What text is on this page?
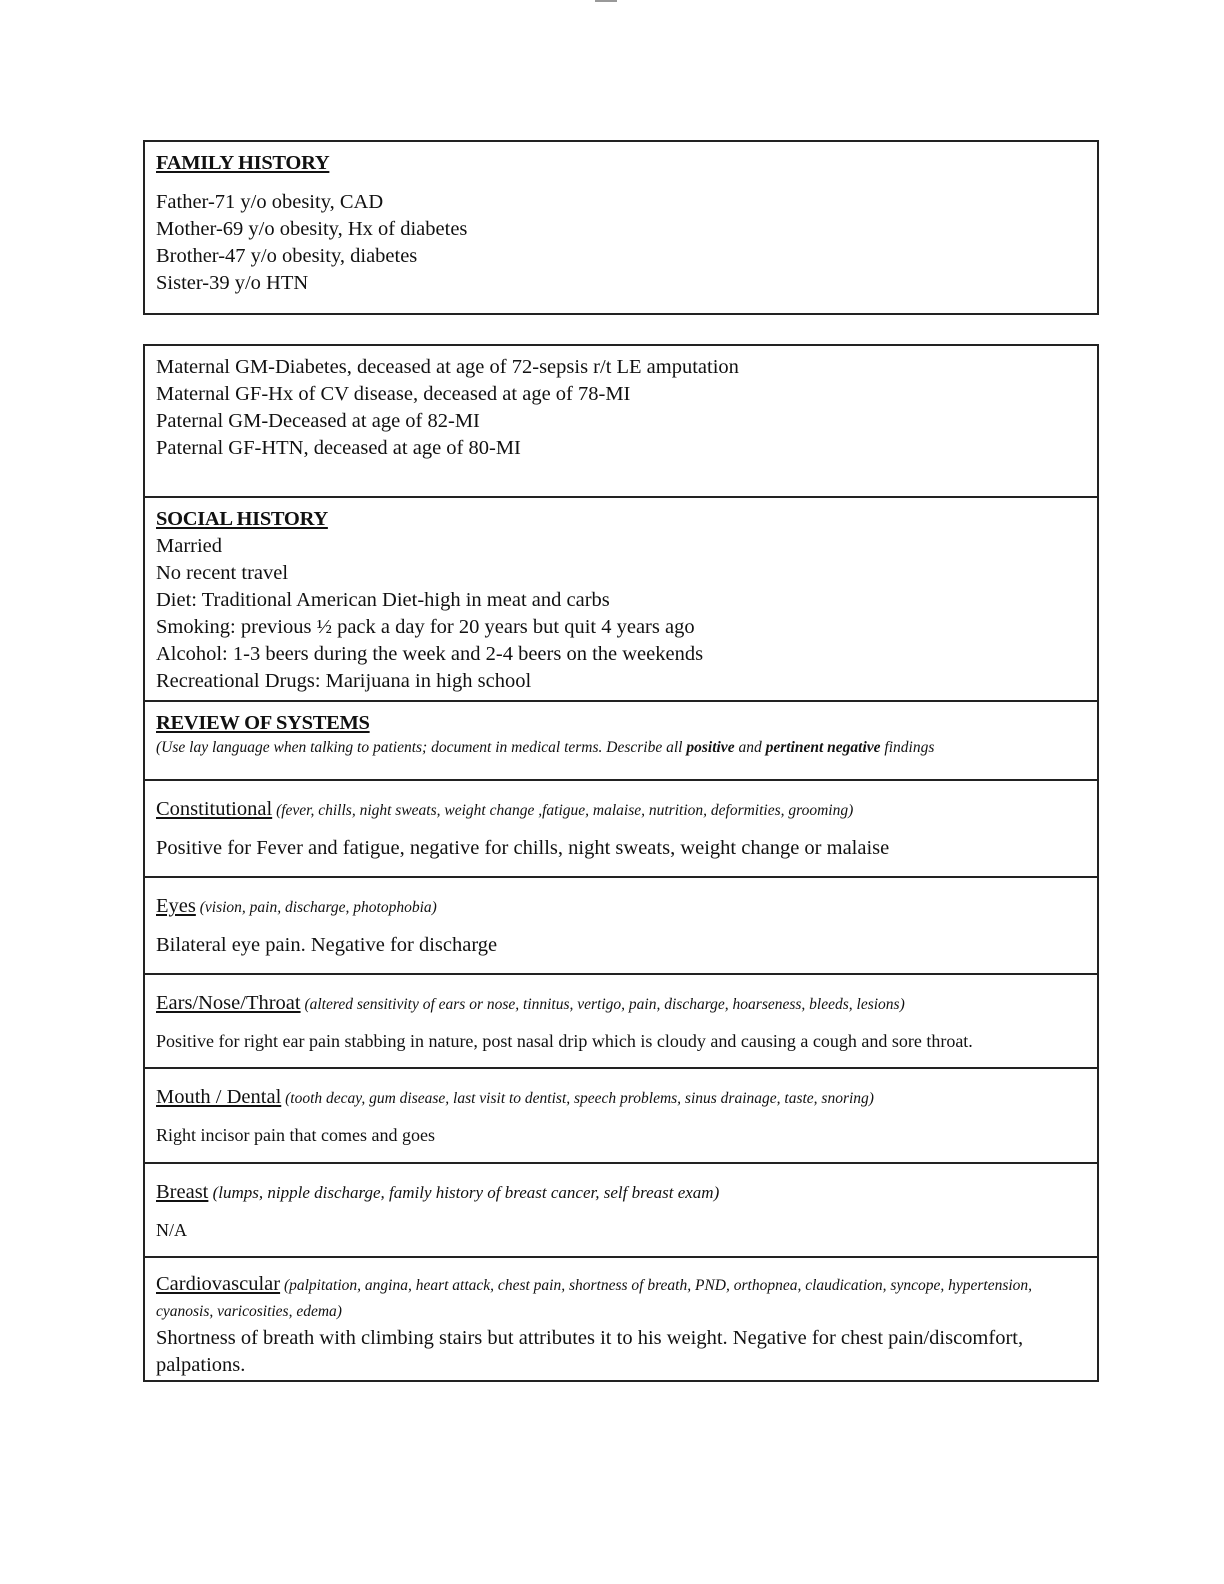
FAMILY HISTORY
Father-71 y/o obesity, CAD
Mother-69 y/o obesity, Hx of diabetes
Brother-47 y/o obesity, diabetes
Sister-39 y/o HTN
Maternal GM-Diabetes, deceased at age of 72-sepsis r/t LE amputation
Maternal GF-Hx of CV disease, deceased at age of 78-MI
Paternal GM-Deceased at age of 82-MI
Paternal GF-HTN, deceased at age of 80-MI
SOCIAL HISTORY
Married
No recent travel
Diet: Traditional American Diet-high in meat and carbs
Smoking: previous ½ pack a day for 20 years but quit 4 years ago
Alcohol: 1-3 beers during the week and 2-4 beers on the weekends
Recreational Drugs: Marijuana in high school
REVIEW OF SYSTEMS
(Use lay language when talking to patients; document in medical terms. Describe all positive and pertinent negative findings
Constitutional (fever, chills, night sweats, weight change ,fatigue, malaise, nutrition, deformities, grooming)
Positive for Fever and fatigue, negative for chills, night sweats, weight change or malaise
Eyes (vision, pain, discharge, photophobia)
Bilateral eye pain. Negative for discharge
Ears/Nose/Throat (altered sensitivity of ears or nose, tinnitus, vertigo, pain, discharge, hoarseness, bleeds, lesions)
Positive for right ear pain stabbing in nature, post nasal drip which is cloudy and causing a cough and sore throat.
Mouth / Dental (tooth decay, gum disease, last visit to dentist, speech problems, sinus drainage, taste, snoring)
Right incisor pain that comes and goes
Breast (lumps, nipple discharge, family history of breast cancer, self breast exam)
N/A
Cardiovascular (palpitation, angina, heart attack, chest pain, shortness of breath, PND, orthopnea, claudication, syncope, hypertension, cyanosis, varicosities, edema)
Shortness of breath with climbing stairs but attributes it to his weight. Negative for chest pain/discomfort, palpations.
